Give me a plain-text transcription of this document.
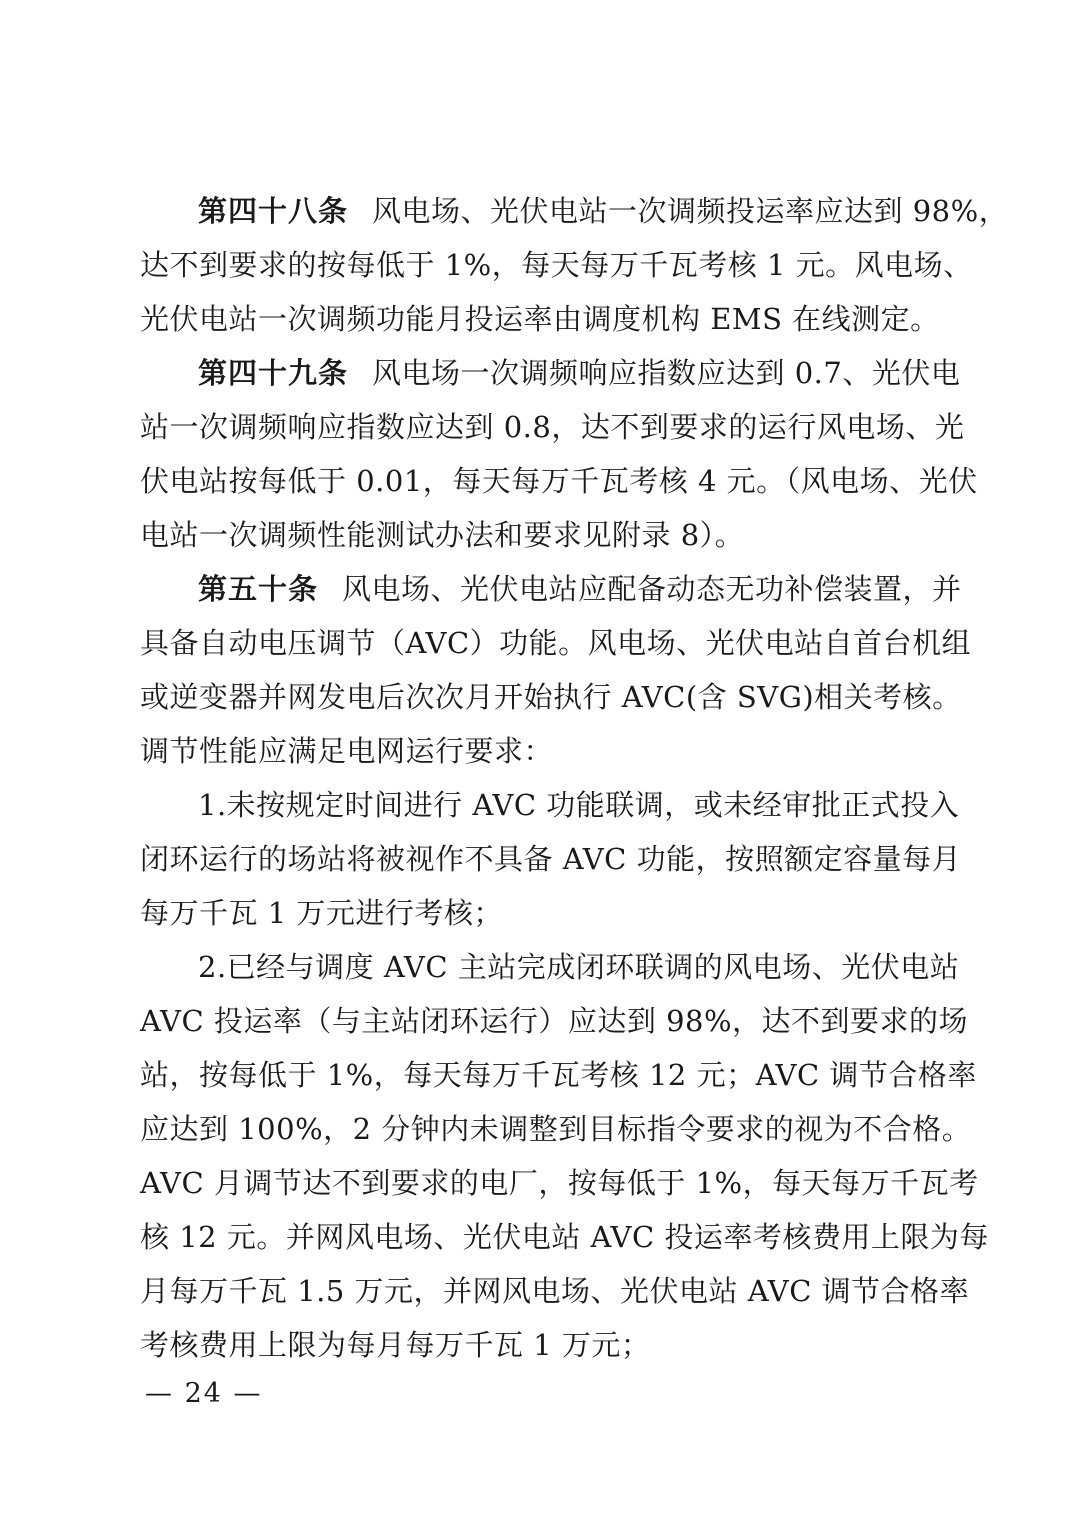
第四十八条 风电场、光伏电站一次调频投运率应达到 98%，
达不到要求的按每低于 1%，每天每万千瓦考核 1 元。风电场、
光伏电站一次调频功能月投运率由调度机构 EMS 在线测定。
第四十九条 风电场一次调频响应指数应达到 0.7、光伏电
站一次调频响应指数应达到 0.8，达不到要求的运行风电场、光
伏电站按每低于 0.01，每天每万千瓦考核 4 元。（风电场、光伏
电站一次调频性能测试办法和要求见附录 8）。
第五十条 风电场、光伏电站应配备动态无功补偿装置，并
具备自动电压调节（AVC）功能。风电场、光伏电站自首台机组
或逆变器并网发电后次次月开始执行 AVC(含 SVG)相关考核。
调节性能应满足电网运行要求：
1.未按规定时间进行 AVC 功能联调，或未经审批正式投入
闭环运行的场站将被视作不具备 AVC 功能，按照额定容量每月
每万千瓦 1 万元进行考核；
2.已经与调度 AVC 主站完成闭环联调的风电场、光伏电站
AVC 投运率（与主站闭环运行）应达到 98%，达不到要求的场
站，按每低于 1%，每天每万千瓦考核 12 元；AVC 调节合格率
应达到 100%，2 分钟内未调整到目标指令要求的视为不合格。
AVC 月调节达不到要求的电厂，按每低于 1%，每天每万千瓦考
核 12 元。并网风电场、光伏电站 AVC 投运率考核费用上限为每
月每万千瓦 1.5 万元，并网风电场、光伏电站 AVC 调节合格率
考核费用上限为每月每万千瓦 1 万元；
— 24 —
